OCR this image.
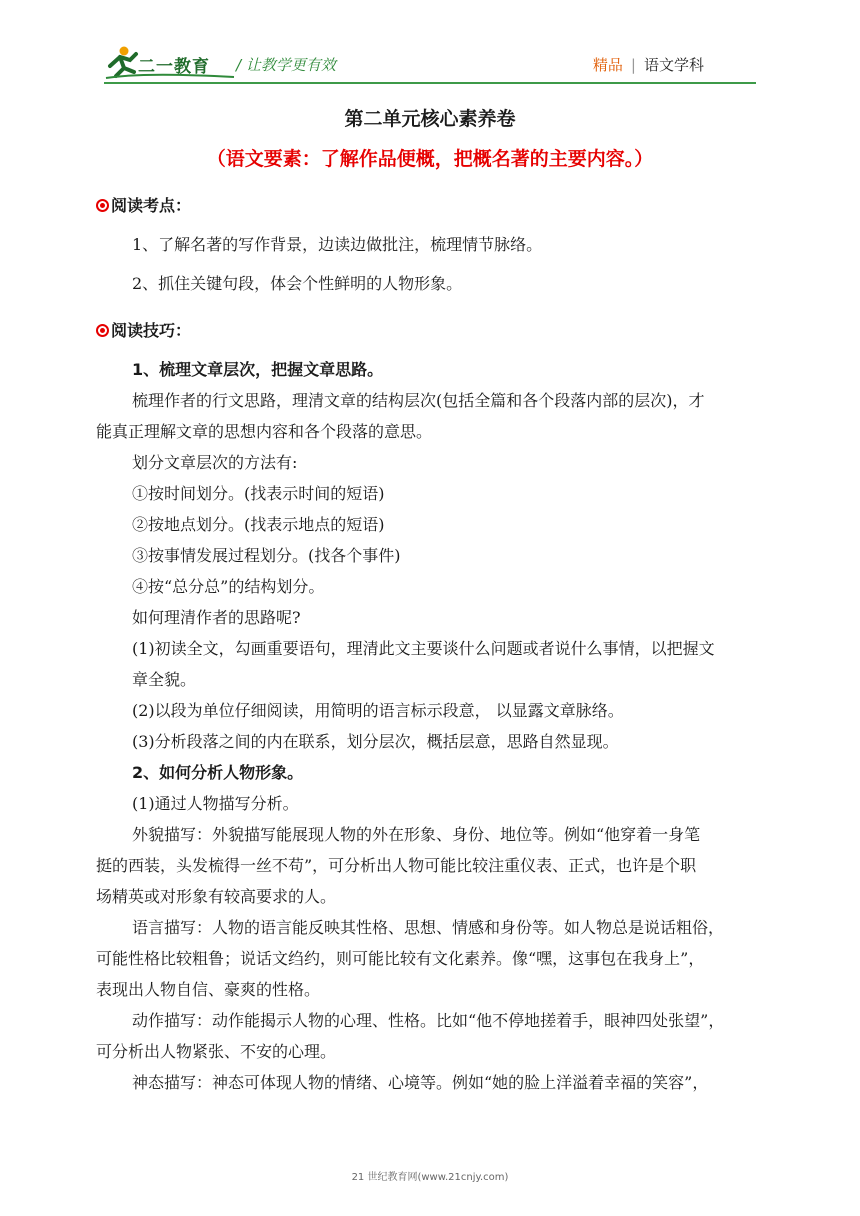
二一教育 / 让教学更有效	精品 | 语文学科
第二单元核心素养卷
（语文要素：了解作品便概，把概名著的主要内容。）
阅读考点：
1、了解名著的写作背景，边读边做批注，梳理情节脉络。
2、抓住关键句段，体会个性鲜明的人物形象。
阅读技巧：
1、梳理文章层次，把握文章思路。
梳理作者的行文思路，理清文章的结构层次(包括全篇和各个段落内部的层次)，才
能真正理解文章的思想内容和各个段落的意思。
划分文章层次的方法有:
①按时间划分。(找表示时间的短语)
②按地点划分。(找表示地点的短语)
③按事情发展过程划分。(找各个事件)
④按“总分总”的结构划分。
如何理清作者的思路呢?
(1)初读全文，勾画重要语句，理清此文主要谈什么问题或者说什么事情，以把握文
章全貌。
(2)以段为单位仔细阅读，用简明的语言标示段意， 以显露文章脉络。
(3)分析段落之间的内在联系，划分层次，概括层意，思路自然显现。
2、如何分析人物形象。
(1)通过人物描写分析。
外貌描写：外貌描写能展现人物的外在形象、身份、地位等。例如“他穿着一身笔
挺的西装，头发梳得一丝不苟”，可分析出人物可能比较注重仪表、正式，也许是个职
场精英或对形象有较高要求的人。
语言描写：人物的语言能反映其性格、思想、情感和身份等。如人物总是说话粗俗，
可能性格比较粗鲁；说话文绉约，则可能比较有文化素养。像“嘿，这事包在我身上”，
表现出人物自信、豪爽的性格。
动作描写：动作能揭示人物的心理、性格。比如“他不停地搓着手，眼神四处张望”，
可分析出人物紧张、不安的心理。
神态描写：神态可体现人物的情绪、心境等。例如“她的脸上洋溢着幸福的笑容”，
21 世纪教育网(www.21cnjy.com)
